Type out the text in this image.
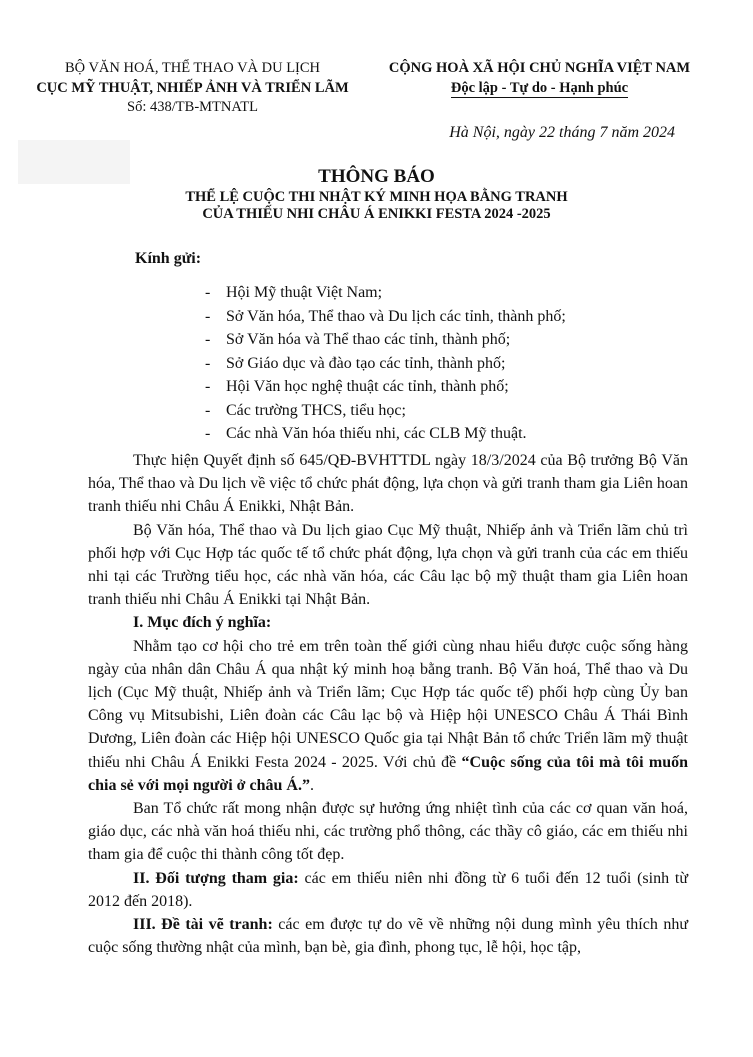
BỘ VĂN HOÁ, THỂ THAO VÀ DU LỊCH
CỤC MỸ THUẬT, NHIẾP ẢNH VÀ TRIỂN LÃM
Số: 438/TB-MTNATL
CỘNG HOÀ XÃ HỘI CHỦ NGHĨA VIỆT NAM
Độc lập - Tự do - Hạnh phúc
Hà Nội, ngày 22 tháng 7 năm 2024
THÔNG BÁO
THỂ LỆ CUỘC THI NHẬT KÝ MINH HỌA BẰNG TRANH
CỦA THIẾU NHI CHÂU Á ENIKKI FESTA 2024 -2025
Kính gửi:
- Hội Mỹ thuật Việt Nam;
- Sở Văn hóa, Thể thao và Du lịch các tỉnh, thành phố;
- Sở Văn hóa và Thể thao các tỉnh, thành phố;
- Sở Giáo dục và đào tạo các tỉnh, thành phố;
- Hội Văn học nghệ thuật các tỉnh, thành phố;
- Các trường THCS, tiểu học;
- Các nhà Văn hóa thiếu nhi, các CLB Mỹ thuật.

Thực hiện Quyết định số 645/QĐ-BVHTTDL ngày 18/3/2024 của Bộ trưởng Bộ Văn hóa, Thể thao và Du lịch về việc tổ chức phát động, lựa chọn và gửi tranh tham gia Liên hoan tranh thiếu nhi Châu Á Enikki, Nhật Bản.

Bộ Văn hóa, Thể thao và Du lịch giao Cục Mỹ thuật, Nhiếp ảnh và Triển lãm chủ trì phối hợp với Cục Hợp tác quốc tế tổ chức phát động, lựa chọn và gửi tranh của các em thiếu nhi tại các Trường tiểu học, các nhà văn hóa, các Câu lạc bộ mỹ thuật tham gia Liên hoan tranh thiếu nhi Châu Á Enikki tại Nhật Bản.

I. Mục đích ý nghĩa:

Nhằm tạo cơ hội cho trẻ em trên toàn thế giới cùng nhau hiểu được cuộc sống hàng ngày của nhân dân Châu Á qua nhật ký minh hoạ bằng tranh. Bộ Văn hoá, Thể thao và Du lịch (Cục Mỹ thuật, Nhiếp ảnh và Triển lãm; Cục Hợp tác quốc tế) phối hợp cùng Ủy ban Công vụ Mitsubishi, Liên đoàn các Câu lạc bộ và Hiệp hội UNESCO Châu Á Thái Bình Dương, Liên đoàn các Hiệp hội UNESCO Quốc gia tại Nhật Bản tổ chức Triển lãm mỹ thuật thiếu nhi Châu Á Enikki Festa 2024 - 2025. Với chủ đề “Cuộc sống của tôi mà tôi muốn chia sẻ với mọi người ở châu Á.”.

Ban Tổ chức rất mong nhận được sự hưởng ứng nhiệt tình của các cơ quan văn hoá, giáo dục, các nhà văn hoá thiếu nhi, các trường phổ thông, các thầy cô giáo, các em thiếu nhi tham gia để cuộc thi thành công tốt đẹp.

II. Đối tượng tham gia: các em thiếu niên nhi đồng từ 6 tuổi đến 12 tuổi (sinh từ 2012 đến 2018).

III. Đề tài vẽ tranh: các em được tự do vẽ về những nội dung mình yêu thích như cuộc sống thường nhật của mình, bạn bè, gia đình, phong tục, lễ hội, học tập,
